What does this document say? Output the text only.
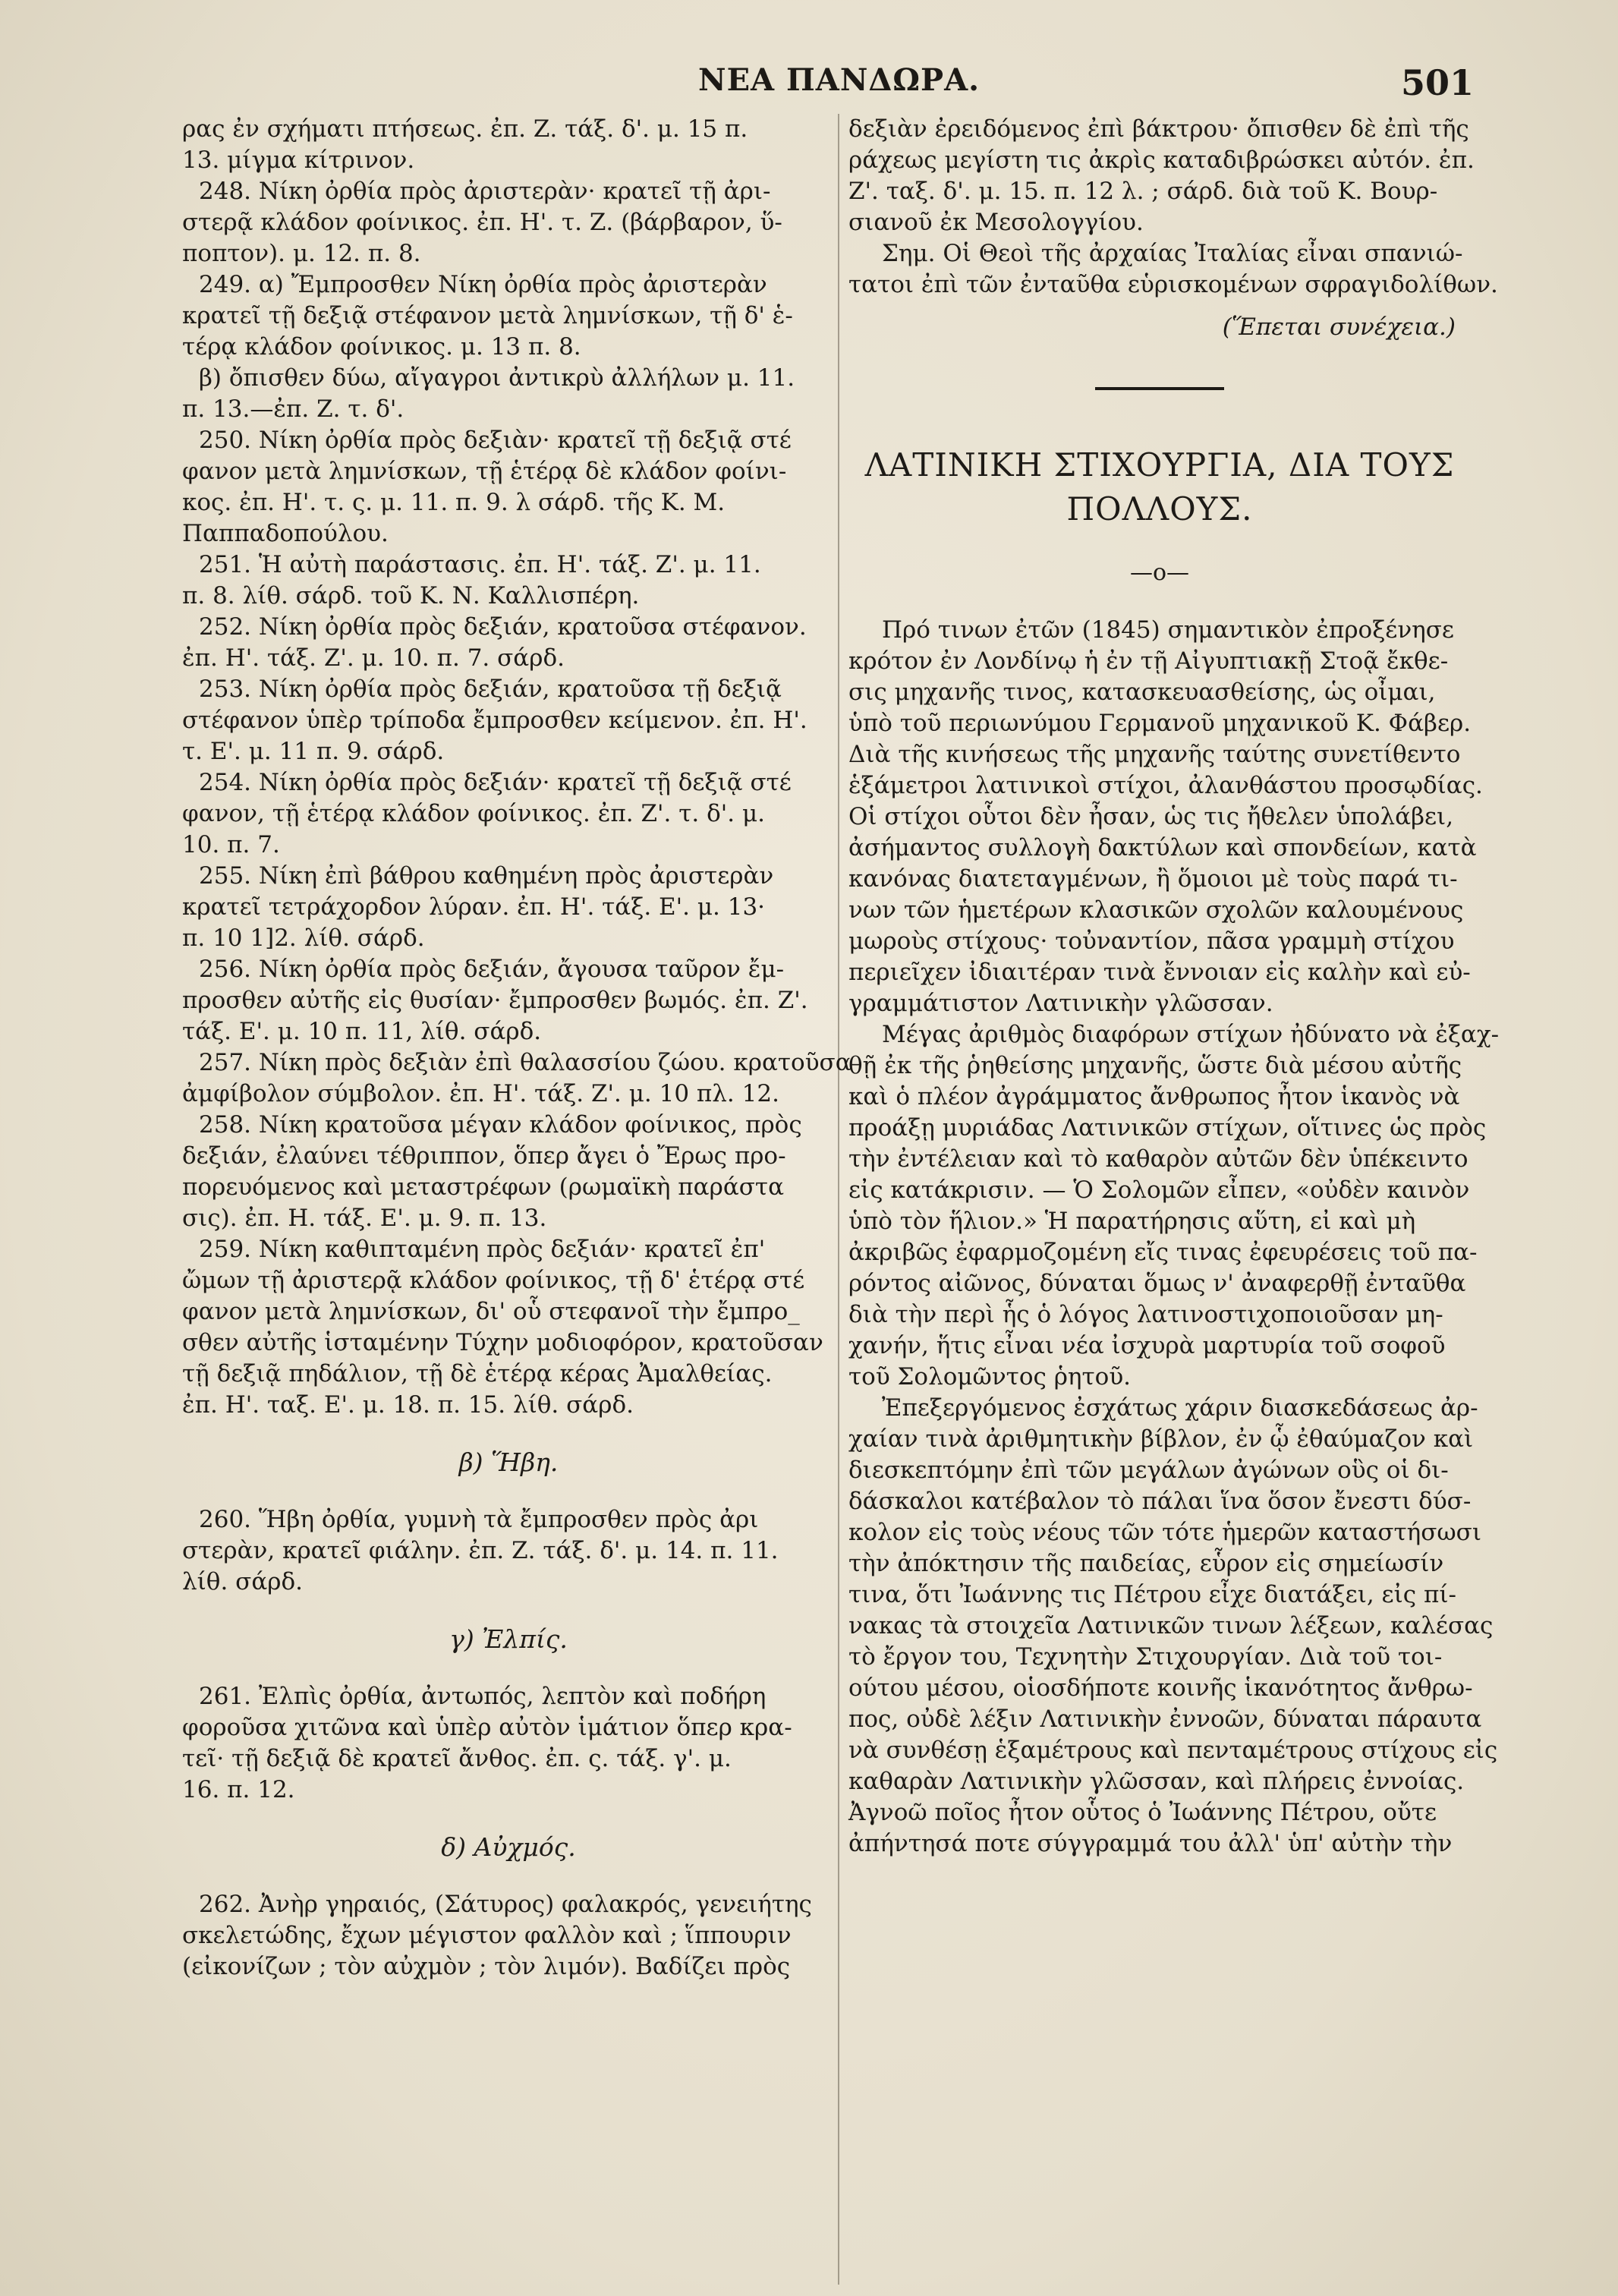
ΝΕΑ ΠΑΝΔΩΡΑ.	501
ρας ἐν σχήματι πτήσεως. ἐπ. Ζ. τάξ. δ'. μ. 15 π.
13. μίγμα κίτρινον.
248. Νίκη ὀρθία πρὸς ἀριστερὰν· κρατεῖ τῇ ἀρι-
στερᾷ κλάδον φοίνικος. ἐπ. Η'. τ. Ζ. (βάρβαρον, ὕ-
ποπτον). μ. 12. π. 8.
249. α) Ἔμπροσθεν Νίκη ὀρθία πρὸς ἀριστερὰν
κρατεῖ τῇ δεξιᾷ στέφανον μετὰ λημνίσκων, τῇ δ' ἑ-
τέρᾳ κλάδον φοίνικος. μ. 13 π. 8.
β) ὄπισθεν δύω, αἴγαγροι ἀντικρὺ ἀλλήλων μ. 11.
π. 13.—ἐπ. Ζ. τ. δ'.
250. Νίκη ὀρθία πρὸς δεξιὰν· κρατεῖ τῇ δεξιᾷ στέ
φανον μετὰ λημνίσκων, τῇ ἑτέρᾳ δὲ κλάδον φοίνι-
κος. ἐπ. Η'. τ. ς. μ. 11. π. 9. λ σάρδ. τῆς Κ. Μ.
Παππαδοπούλου.
251. Ἡ αὐτὴ παράστασις. ἐπ. Η'. τάξ. Ζ'. μ. 11.
π. 8. λίθ. σάρδ. τοῦ Κ. Ν. Καλλισπέρη.
252. Νίκη ὀρθία πρὸς δεξιάν, κρατοῦσα στέφανον.
ἐπ. Η'. τάξ. Ζ'. μ. 10. π. 7. σάρδ.
253. Νίκη ὀρθία πρὸς δεξιάν, κρατοῦσα τῇ δεξιᾷ
στέφανον ὑπὲρ τρίποδα ἔμπροσθεν κείμενον. ἐπ. Η'.
τ. Ε'. μ. 11 π. 9. σάρδ.
254. Νίκη ὀρθία πρὸς δεξιάν· κρατεῖ τῇ δεξιᾷ στέ
φανον, τῇ ἑτέρᾳ κλάδον φοίνικος. ἐπ. Ζ'. τ. δ'. μ.
10. π. 7.
255. Νίκη ἐπὶ βάθρου καθημένη πρὸς ἀριστερὰν
κρατεῖ τετράχορδον λύραν. ἐπ. Η'. τάξ. Ε'. μ. 13·
π. 10 1]2. λίθ. σάρδ.
256. Νίκη ὀρθία πρὸς δεξιάν, ἄγουσα ταῦρον ἔμ-
προσθεν αὐτῆς εἰς θυσίαν· ἔμπροσθεν βωμός. ἐπ. Ζ'.
τάξ. Ε'. μ. 10 π. 11, λίθ. σάρδ.
257. Νίκη πρὸς δεξιὰν ἐπὶ θαλασσίου ζώου. κρατοῦσα
ἀμφίβολον σύμβολον. ἐπ. Η'. τάξ. Ζ'. μ. 10 πλ. 12.
258. Νίκη κρατοῦσα μέγαν κλάδον φοίνικος, πρὸς
δεξιάν, ἐλαύνει τέθριππον, ὅπερ ἄγει ὁ Ἔρως προ-
πορευόμενος καὶ μεταστρέφων (ρωμαϊκὴ παράστα
σις). ἐπ. Η. τάξ. Ε'. μ. 9. π. 13.
259. Νίκη καθιπταμένη πρὸς δεξιάν· κρατεῖ ἐπ'
ὤμων τῇ ἀριστερᾷ κλάδον φοίνικος, τῇ δ' ἑτέρᾳ στέ
φανον μετὰ λημνίσκων, δι' οὗ στεφανοῖ τὴν ἔμπρο_
σθεν αὐτῆς ἱσταμένην Τύχην μοδιοφόρον, κρατοῦσαν
τῇ δεξιᾷ πηδάλιον, τῇ δὲ ἑτέρᾳ κέρας Ἀμαλθείας.
ἐπ. Η'. ταξ. Ε'. μ. 18. π. 15. λίθ. σάρδ.
β) Ἥβη.
260. Ἥβη ὀρθία, γυμνὴ τὰ ἔμπροσθεν πρὸς ἀρι
στερὰν, κρατεῖ φιάλην. ἐπ. Ζ. τάξ. δ'. μ. 14. π. 11.
λίθ. σάρδ.
γ) Ἐλπίς.
261. Ἐλπὶς ὀρθία, ἀντωπός, λεπτὸν καὶ ποδήρη
φοροῦσα χιτῶνα καὶ ὑπὲρ αὐτὸν ἱμάτιον ὅπερ κρα-
τεῖ· τῇ δεξιᾷ δὲ κρατεῖ ἄνθος. ἐπ. ς. τάξ. γ'. μ.
16. π. 12.
δ) Αὐχμός.
262. Ἀνὴρ γηραιός, (Σάτυρος) φαλακρός, γενειήτης
σκελετώδης, ἔχων μέγιστον φαλλὸν καὶ ; ἵππουριν
(εἰκονίζων ; τὸν αὐχμὸν ; τὸν λιμόν). Βαδίζει πρὸς
δεξιὰν ἐρειδόμενος ἐπὶ βάκτρου· ὄπισθεν δὲ ἐπὶ τῆς
ράχεως μεγίστη τις ἀκρὶς καταδιβρώσκει αὐτόν. ἐπ.
Ζ'. ταξ. δ'. μ. 15. π. 12 λ. ; σάρδ. διὰ τοῦ Κ. Βουρ-
σιανοῦ ἐκ Μεσολογγίου.
Σημ. Οἱ Θεοὶ τῆς ἀρχαίας Ἰταλίας εἶναι σπανιώ-
τατοι ἐπὶ τῶν ἐνταῦθα εὑρισκομένων σφραγιδολίθων.
(Ἕπεται συνέχεια.)
ΛΑΤΙΝΙΚΗ ΣΤΙΧΟΥΡΓΙΑ, ΔΙΑ ΤΟΥΣ
ΠΟΛΛΟΥΣ.
—ο—
Πρό τινων ἐτῶν (1845) σημαντικὸν ἐπροξένησε
κρότον ἐν Λονδίνῳ ἡ ἐν τῇ Αἰγυπτιακῇ Στοᾷ ἔκθε-
σις μηχανῆς τινος, κατασκευασθείσης, ὡς οἶμαι,
ὑπὸ τοῦ περιωνύμου Γερμανοῦ μηχανικοῦ Κ. Φάβερ.
Διὰ τῆς κινήσεως τῆς μηχανῆς ταύτης συνετίθεντο
ἑξάμετροι λατινικοὶ στίχοι, ἀλανθάστου προσῳδίας.
Οἱ στίχοι οὗτοι δὲν ἦσαν, ὡς τις ἤθελεν ὑπολάβει,
ἀσήμαντος συλλογὴ δακτύλων καὶ σπονδείων, κατὰ
κανόνας διατεταγμένων, ἢ ὅμοιοι μὲ τοὺς παρά τι-
νων τῶν ἡμετέρων κλασικῶν σχολῶν καλουμένους
μωροὺς στίχους· τοὐναντίον, πᾶσα γραμμὴ στίχου
περιεῖχεν ἰδιαιτέραν τινὰ ἔννοιαν εἰς καλὴν καὶ εὐ-
γραμμάτιστον Λατινικὴν γλῶσσαν.
Μέγας ἀριθμὸς διαφόρων στίχων ἠδύνατο νὰ ἐξαχ-
θῇ ἐκ τῆς ῥηθείσης μηχανῆς, ὥστε διὰ μέσου αὐτῆς
καὶ ὁ πλέον ἀγράμματος ἄνθρωπος ἦτον ἱκανὸς νὰ
προάξῃ μυριάδας Λατινικῶν στίχων, οἵτινες ὡς πρὸς
τὴν ἐντέλειαν καὶ τὸ καθαρὸν αὐτῶν δὲν ὑπέκειντο
εἰς κατάκρισιν. — Ὁ Σολομῶν εἶπεν, «οὐδὲν καινὸν
ὑπὸ τὸν ἥλιον.» Ἡ παρατήρησις αὕτη, εἰ καὶ μὴ
ἀκριβῶς ἐφαρμοζομένη εἴς τινας ἐφευρέσεις τοῦ πα-
ρόντος αἰῶνος, δύναται ὅμως ν' ἀναφερθῇ ἐνταῦθα
διὰ τὴν περὶ ἧς ὁ λόγος λατινοστιχοποιοῦσαν μη-
χανήν, ἥτις εἶναι νέα ἰσχυρὰ μαρτυρία τοῦ σοφοῦ
τοῦ Σολομῶντος ῥητοῦ.
Ἐπεξεργόμενος ἐσχάτως χάριν διασκεδάσεως ἀρ-
χαίαν τινὰ ἀριθμητικὴν βίβλον, ἐν ᾧ ἐθαύμαζον καὶ
διεσκεπτόμην ἐπὶ τῶν μεγάλων ἀγώνων οὓς οἱ δι-
δάσκαλοι κατέβαλον τὸ πάλαι ἵνα ὅσον ἔνεστι δύσ-
κολον εἰς τοὺς νέους τῶν τότε ἡμερῶν καταστήσωσι
τὴν ἀπόκτησιν τῆς παιδείας, εὗρον εἰς σημείωσίν
τινα, ὅτι Ἰωάννης τις Πέτρου εἶχε διατάξει, εἰς πί-
νακας τὰ στοιχεῖα Λατινικῶν τινων λέξεων, καλέσας
τὸ ἔργον του, Τεχνητὴν Στιχουργίαν. Διὰ τοῦ τοι-
ούτου μέσου, οἱοσδήποτε κοινῆς ἱκανότητος ἄνθρω-
πος, οὐδὲ λέξιν Λατινικὴν ἐννοῶν, δύναται πάραυτα
νὰ συνθέσῃ ἑξαμέτρους καὶ πενταμέτρους στίχους εἰς
καθαρὰν Λατινικὴν γλῶσσαν, καὶ πλήρεις ἐννοίας.
Ἀγνοῶ ποῖος ἦτον οὗτος ὁ Ἰωάννης Πέτρου, οὔτε
ἀπήντησά ποτε σύγγραμμά του ἀλλ' ὑπ' αὐτὴν τὴν
